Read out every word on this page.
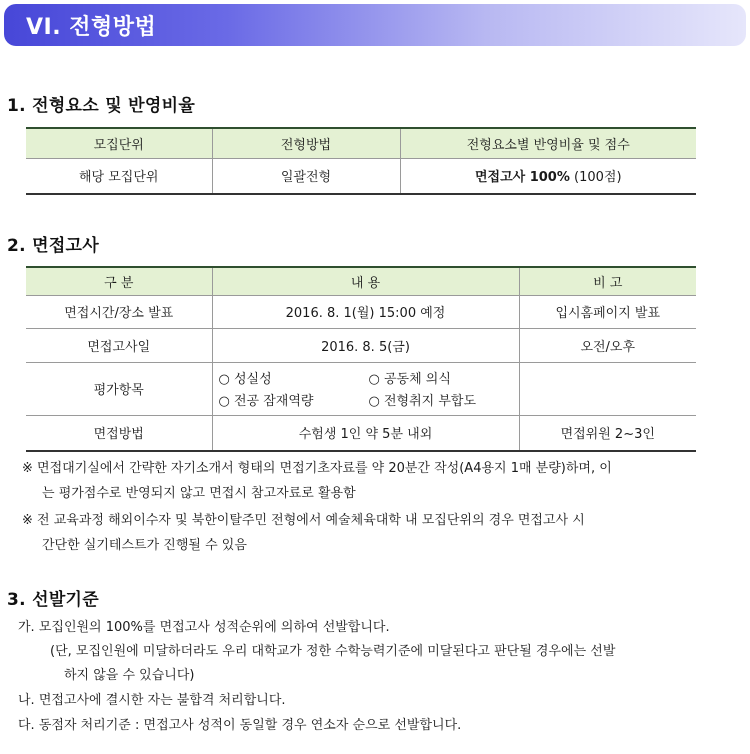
VI. 전형방법
1. 전형요소 및 반영비율
모집단위	전형방법	전형요소별 반영비율 및 점수
해당 모집단위	일괄전형	면접고사 100% (100점)
2. 면접고사
구 분	내 용	비 고
면접시간/장소 발표	2016. 8. 1(월) 15:00 예정	입시홈페이지 발표
면접고사일	2016. 8. 5(금)	오전/오후
평가항목	○ 성실성 ○ 공동체 의식
○ 전공 잠재역량 ○ 전형취지 부합도	

면접방법	수험생 1인 약 5분 내외	면접위원 2~3인
※ 면접대기실에서 간략한 자기소개서 형태의 면접기초자료를 약 20분간 작성(A4용지 1매 분량)하며, 이
는 평가점수로 반영되지 않고 면접시 참고자료로 활용함
※ 전 교육과정 해외이수자 및 북한이탈주민 전형에서 예술체육대학 내 모집단위의 경우 면접고사 시
간단한 실기테스트가 진행될 수 있음
3. 선발기준
가. 모집인원의 100%를 면접고사 성적순위에 의하여 선발합니다.
(단, 모집인원에 미달하더라도 우리 대학교가 정한 수학능력기준에 미달된다고 판단될 경우에는 선발
하지 않을 수 있습니다)
나. 면접고사에 결시한 자는 불합격 처리합니다.
다. 동점자 처리기준 : 면접고사 성적이 동일할 경우 연소자 순으로 선발합니다.
